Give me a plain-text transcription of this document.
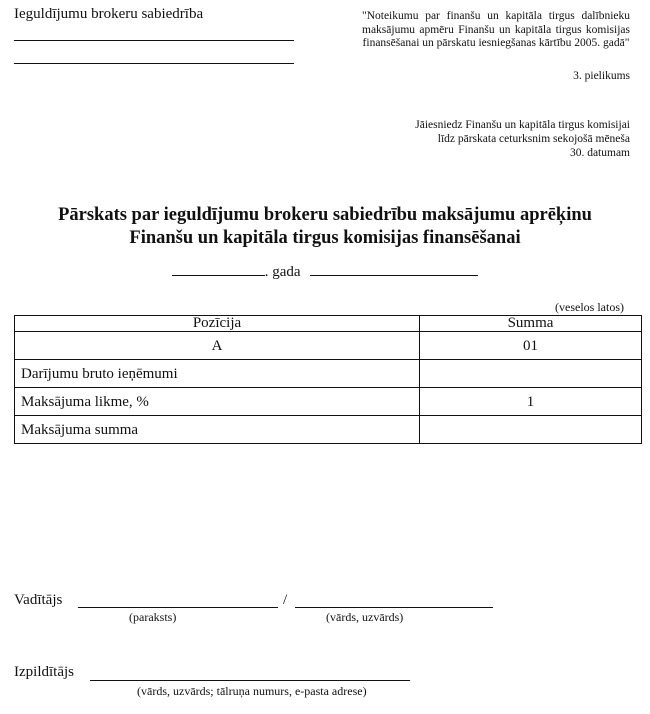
Ieguldījumu brokeru sabiedrība	"Noteikumu par finanšu un kapitāla tirgus dalībnieku maksājumu apmēru Finanšu un kapitāla tirgus komisijas finansēšanai un pārskatu iesniegšanas kārtību 2005. gadā"
3. pielikums
Jāiesniedz Finanšu un kapitāla tirgus komisijai
līdz pārskata ceturksnim sekojošā mēneša
30. datumam
Pārskats par ieguldījumu brokeru sabiedrību maksājumu aprēķinu
Finanšu un kapitāla tirgus komisijas finansēšanai
. gada
(veselos latos)
Pozīcija	Summa
A	01
Darījumu bruto ieņēmumi	
Maksājuma likme, %	1
Maksājuma summa	
Vadītājs	/
(paraksts)	(vārds, uzvārds)
Izpildītājs
(vārds, uzvārds; tālruņa numurs, e-pasta adrese)
